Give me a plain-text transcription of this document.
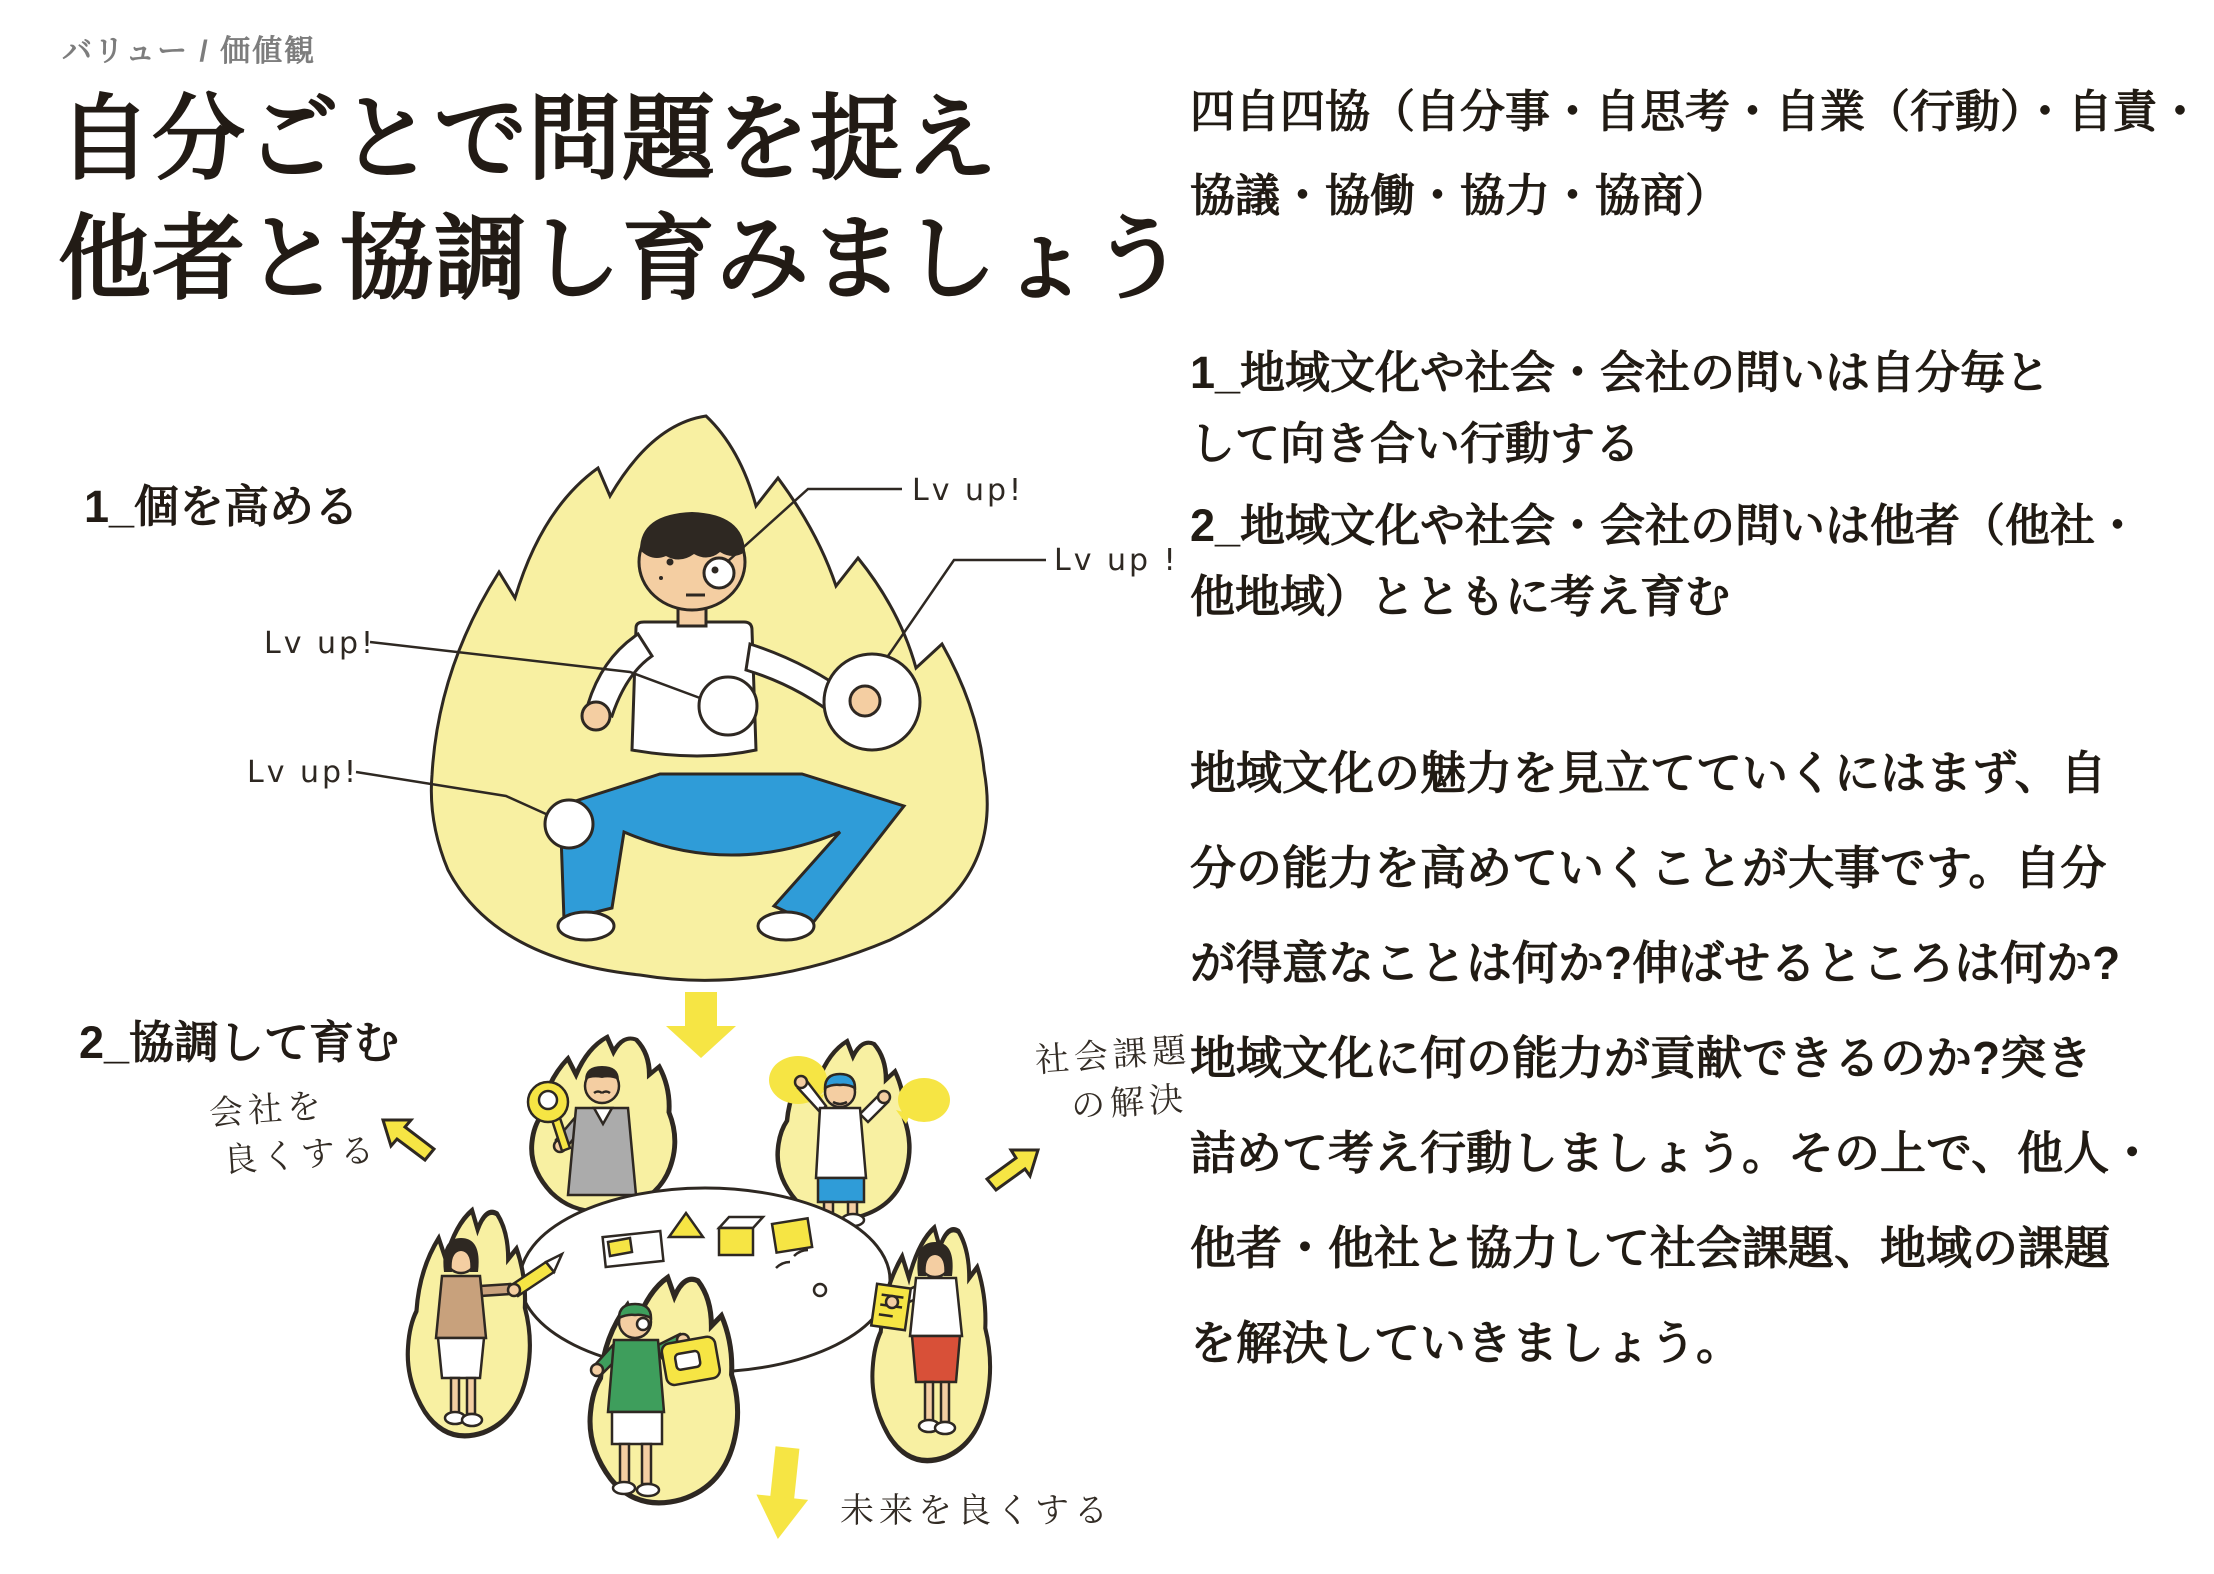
バリュー / 価値観
自分ごとで問題を捉え
他者と協調し育みましょう
1_個を高める
2_協調して育む
Lv up!
Lv up !
Lv up!
Lv up!
会社を
良くする
社会課題
の解決
未来を良くする
四自四協（自分事・自思考・自業（行動）・自責・
協議・協働・協力・協商）
1_地域文化や社会・会社の問いは自分毎と
して向き合い行動する
2_地域文化や社会・会社の問いは他者（他社・
他地域）とともに考え育む
地域文化の魅力を見立てていくにはまず、自
分の能力を高めていくことが大事です。自分
が得意なことは何か?伸ばせるところは何か?
地域文化に何の能力が貢献できるのか?突き
詰めて考え行動しましょう。その上で、他人・
他者・他社と協力して社会課題、地域の課題
を解決していきましょう。
